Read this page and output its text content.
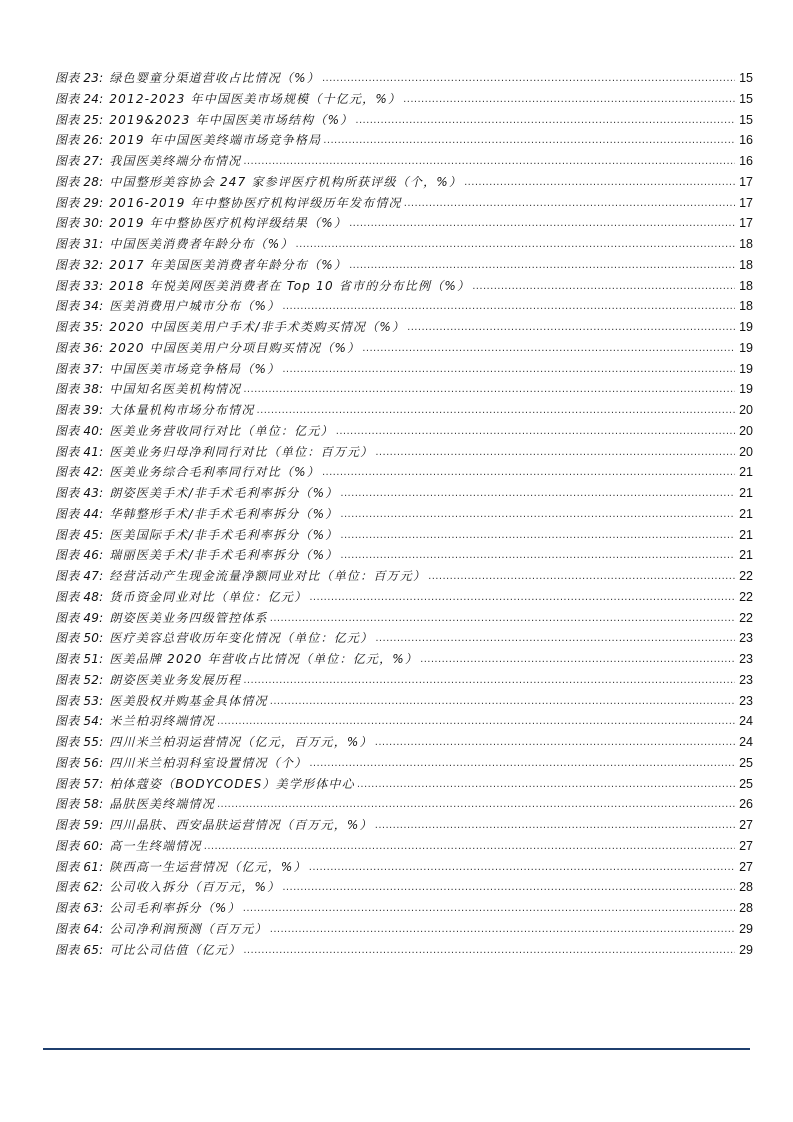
图表 23: 绿色婴童分渠道营收占比情况（%） .....	15
图表 24: 2012-2023 年中国医美市场规模（十亿元，%） .....	15
图表 25: 2019&2023 年中国医美市场结构（%） .....	15
图表 26: 2019 年中国医美终端市场竞争格局 .....	16
图表 27: 我国医美终端分布情况 .....	16
图表 28: 中国整形美容协会 247 家参评医疗机构所获评级（个，%） .....	17
图表 29: 2016-2019 年中整协医疗机构评级历年发布情况 .....	17
图表 30: 2019 年中整协医疗机构评级结果（%） .....	17
图表 31: 中国医美消费者年龄分布（%） .....	18
图表 32: 2017 年美国医美消费者年龄分布（%） .....	18
图表 33: 2018 年悦美网医美消费者在 Top 10 省市的分布比例（%） .....	18
图表 34: 医美消费用户城市分布（%） .....	18
图表 35: 2020 中国医美用户手术/非手术类购买情况（%） .....	19
图表 36: 2020 中国医美用户分项目购买情况（%） .....	19
图表 37: 中国医美市场竞争格局（%） .....	19
图表 38: 中国知名医美机构情况 .....	19
图表 39: 大体量机构市场分布情况 .....	20
图表 40: 医美业务营收同行对比（单位：亿元） .....	20
图表 41: 医美业务归母净利同行对比（单位：百万元） .....	20
图表 42: 医美业务综合毛利率同行对比（%） .....	21
图表 43: 朗姿医美手术/非手术毛利率拆分（%） .....	21
图表 44: 华韩整形手术/非手术毛利率拆分（%） .....	21
图表 45: 医美国际手术/非手术毛利率拆分（%） .....	21
图表 46: 瑞丽医美手术/非手术毛利率拆分（%） .....	21
图表 47: 经营活动产生现金流量净额同业对比（单位：百万元） .....	22
图表 48: 货币资金同业对比（单位：亿元） .....	22
图表 49: 朗姿医美业务四级管控体系 .....	22
图表 50: 医疗美容总营收历年变化情况（单位：亿元） .....	23
图表 51: 医美品牌 2020 年营收占比情况（单位：亿元，%） .....	23
图表 52: 朗姿医美业务发展历程 .....	23
图表 53: 医美股权并购基金具体情况 .....	23
图表 54: 米兰柏羽终端情况 .....	24
图表 55: 四川米兰柏羽运营情况（亿元，百万元，%） .....	24
图表 56: 四川米兰柏羽科室设置情况（个） .....	25
图表 57: 柏体蔻姿（BODYCODES）美学形体中心 .....	25
图表 58: 晶肤医美终端情况 .....	26
图表 59: 四川晶肤、西安晶肤运营情况（百万元，%） .....	27
图表 60: 高一生终端情况 .....	27
图表 61: 陕西高一生运营情况（亿元，%） .....	27
图表 62: 公司收入拆分（百万元，%） .....	28
图表 63: 公司毛利率拆分（%） .....	28
图表 64: 公司净利润预测（百万元） .....	29
图表 65: 可比公司估值（亿元） .....	29
